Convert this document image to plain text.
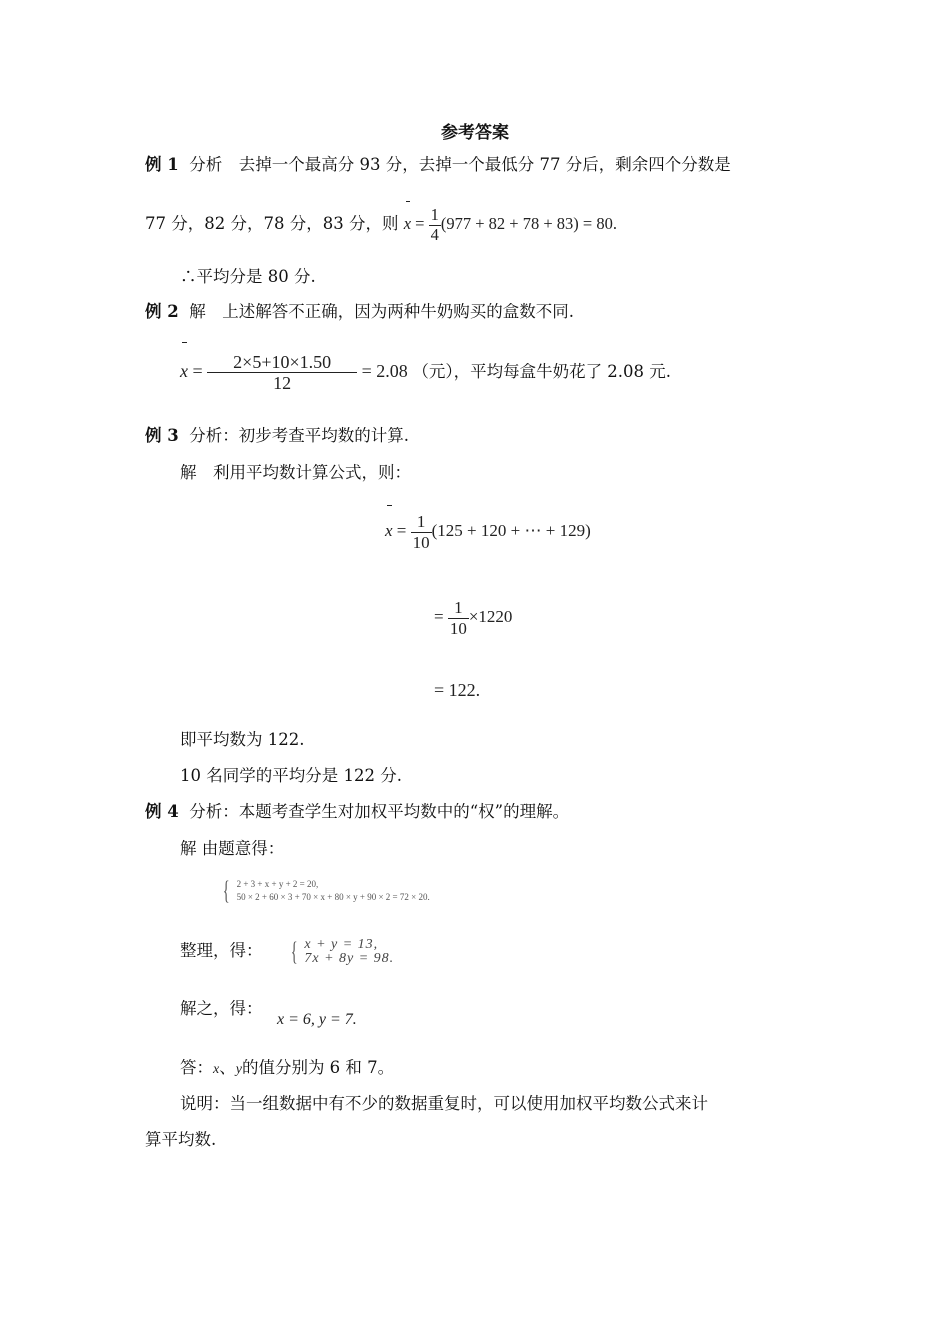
参考答案
例 1 分析　去掉一个最高分 93 分，去掉一个最低分 77 分后，剩余四个分数是
77 分，82 分，78 分，83 分，则 $x = \frac{1}{4} (977 + 82 + 78 + 83) = 80$.
∴平均分是 80 分.
例 2 解　上述解答不正确，因为两种牛奶购买的盒数不同.
$x = \frac{2\times 5+10\times 1.50}{12} = 2.08$ （元），平均每盒牛奶花了 2.08 元.
例 3 分析：初步考查平均数的计算.
解　利用平均数计算公式，则：
$x = \frac{1}{10} (125 + 120$ + ⋯ + 129)
= $\frac{1}{10} \times 1220$
= 122.
即平均数为 122.
10 名同学的平均分是 122 分.
例 4 分析：本题考查学生对加权平均数中的“权”的理解。
解 由题意得：
{ 2 + 3 + x + y + 2 = 20,
50 × 2 + 60 × 3 + 70 × x + 80 × y + 90 × 2 = 72 × 20.
整理，得： { x + y = 13,
7x + 8y = 98.
解之，得：
x = 6, y = 7.
答：x、y的值分别为 6 和 7。
说明：当一组数据中有不少的数据重复时，可以使用加权平均数公式来计
算平均数.
